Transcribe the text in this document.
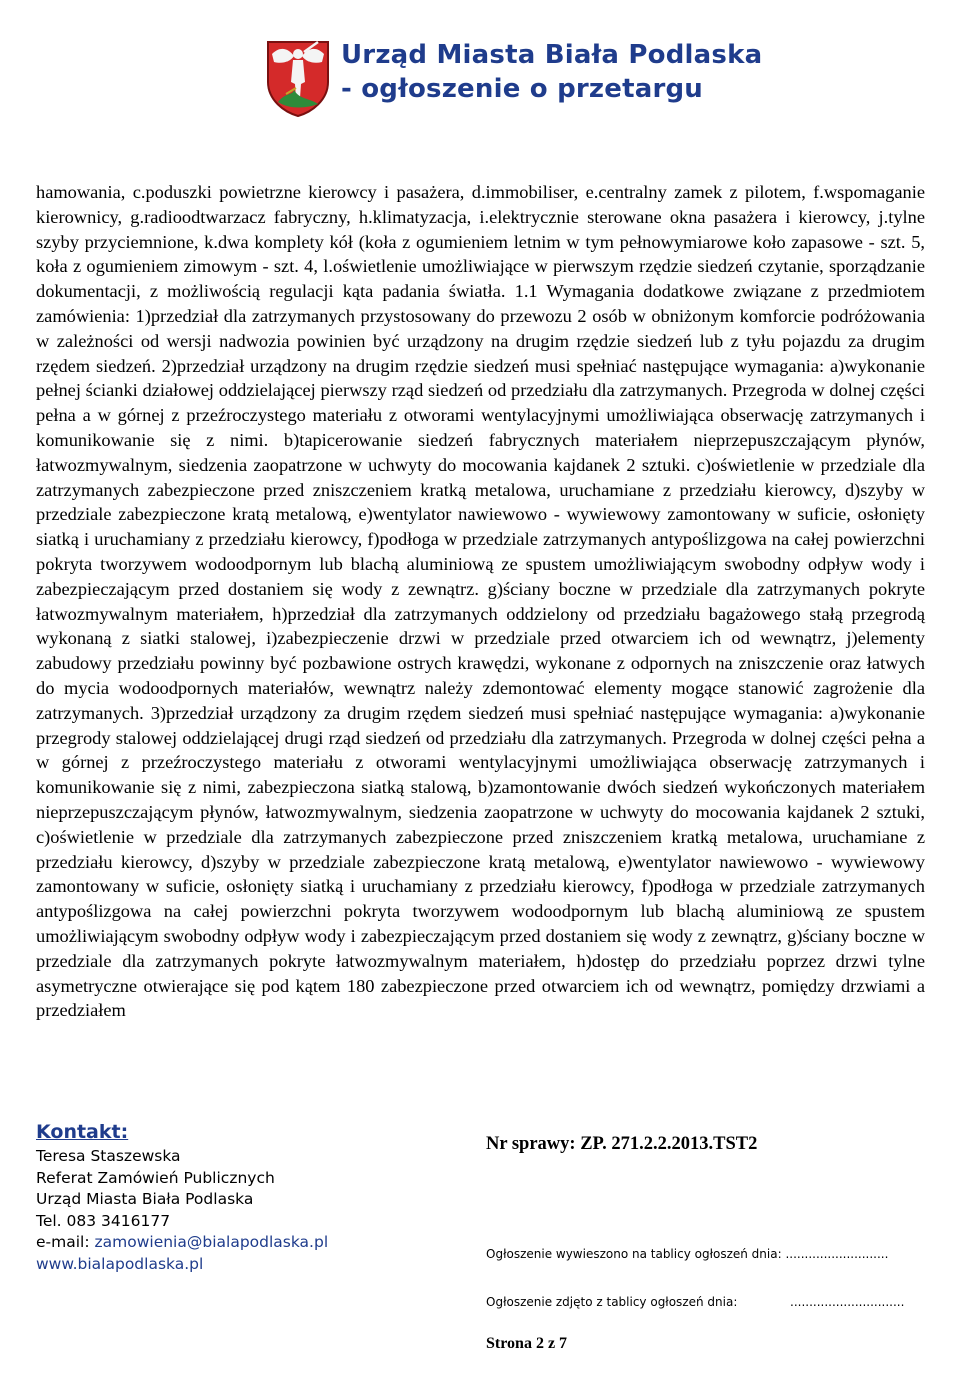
Urząd Miasta Biała Podlaska
- ogłoszenie o przetargu
hamowania, c.poduszki powietrzne kierowcy i pasażera, d.immobiliser, e.centralny zamek z pilotem, f.wspomaganie kierownicy, g.radioodtwarzacz fabryczny, h.klimatyzacja, i.elektrycznie sterowane okna pasażera i kierowcy, j.tylne szyby przyciemnione, k.dwa komplety kół (koła z ogumieniem letnim w tym pełnowymiarowe koło zapasowe - szt. 5, koła z ogumieniem zimowym - szt. 4, l.oświetlenie umożliwiające w pierwszym rzędzie siedzeń czytanie, sporządzanie dokumentacji, z możliwością regulacji kąta padania światła. 1.1 Wymagania dodatkowe związane z przedmiotem zamówienia: 1)przedział dla zatrzymanych przystosowany do przewozu 2 osób w obniżonym komforcie podróżowania w zależności od wersji nadwozia powinien być urządzony na drugim rzędzie siedzeń lub z tyłu pojazdu za drugim rzędem siedzeń. 2)przedział urządzony na drugim rzędzie siedzeń musi spełniać następujące wymagania: a)wykonanie pełnej ścianki działowej oddzielającej pierwszy rząd siedzeń od przedziału dla zatrzymanych. Przegroda w dolnej części pełna a w górnej z przeźroczystego materiału z otworami wentylacyjnymi umożliwiająca obserwację zatrzymanych i komunikowanie się z nimi. b)tapicerowanie siedzeń fabrycznych materiałem nieprzepuszczającym płynów, łatwozmywalnym, siedzenia zaopatrzone w uchwyty do mocowania kajdanek 2 sztuki. c)oświetlenie w przedziale dla zatrzymanych zabezpieczone przed zniszczeniem kratką metalowa, uruchamiane z przedziału kierowcy, d)szyby w przedziale zabezpieczone kratą metalową, e)wentylator nawiewowo - wywiewowy zamontowany w suficie, osłonięty siatką i uruchamiany z przedziału kierowcy, f)podłoga w przedziale zatrzymanych antypoślizgowa na całej powierzchni pokryta tworzywem wodoodpornym lub blachą aluminiową ze spustem umożliwiającym swobodny odpływ wody i zabezpieczającym przed dostaniem się wody z zewnątrz. g)ściany boczne w przedziale dla zatrzymanych pokryte łatwozmywalnym materiałem, h)przedział dla zatrzymanych oddzielony od przedziału bagażowego stałą przegrodą wykonaną z siatki stalowej, i)zabezpieczenie drzwi w przedziale przed otwarciem ich od wewnątrz, j)elementy zabudowy przedziału powinny być pozbawione ostrych krawędzi, wykonane z odpornych na zniszczenie oraz łatwych do mycia wodoodpornych materiałów, wewnątrz należy zdemontować elementy mogące stanowić zagrożenie dla zatrzymanych. 3)przedział urządzony za drugim rzędem siedzeń musi spełniać następujące wymagania: a)wykonanie przegrody stalowej oddzielającej drugi rząd siedzeń od przedziału dla zatrzymanych. Przegroda w dolnej części pełna a w górnej z przeźroczystego materiału z otworami wentylacyjnymi umożliwiająca obserwację zatrzymanych i komunikowanie się z nimi, zabezpieczona siatką stalową, b)zamontowanie dwóch siedzeń wykończonych materiałem nieprzepuszczającym płynów, łatwozmywalnym, siedzenia zaopatrzone w uchwyty do mocowania kajdanek 2 sztuki, c)oświetlenie w przedziale dla zatrzymanych zabezpieczone przed zniszczeniem kratką metalowa, uruchamiane z przedziału kierowcy, d)szyby w przedziale zabezpieczone kratą metalową, e)wentylator nawiewowo - wywiewowy zamontowany w suficie, osłonięty siatką i uruchamiany z przedziału kierowcy, f)podłoga w przedziale zatrzymanych antypoślizgowa na całej powierzchni pokryta tworzywem wodoodpornym lub blachą aluminiową ze spustem umożliwiającym swobodny odpływ wody i zabezpieczającym przed dostaniem się wody z zewnątrz, g)ściany boczne w przedziale dla zatrzymanych pokryte łatwozmywalnym materiałem, h)dostęp do przedziału poprzez drzwi tylne asymetryczne otwierające się pod kątem 180 zabezpieczone przed otwarciem ich od wewnątrz, pomiędzy drzwiami a przedziałem
Kontakt:
Teresa Staszewska
Referat Zamówień Publicznych
Urząd Miasta Biała Podlaska
Tel. 083 3416177
e-mail: zamowienia@bialapodlaska.pl
www.bialapodlaska.pl
Nr sprawy: ZP. 271.2.2.2013.TST2
Ogłoszenie wywieszono na tablicy ogłoszeń dnia: ...........................
Ogłoszenie zdjęto z tablicy ogłoszeń dnia:	..............................
Strona 2 z 7
